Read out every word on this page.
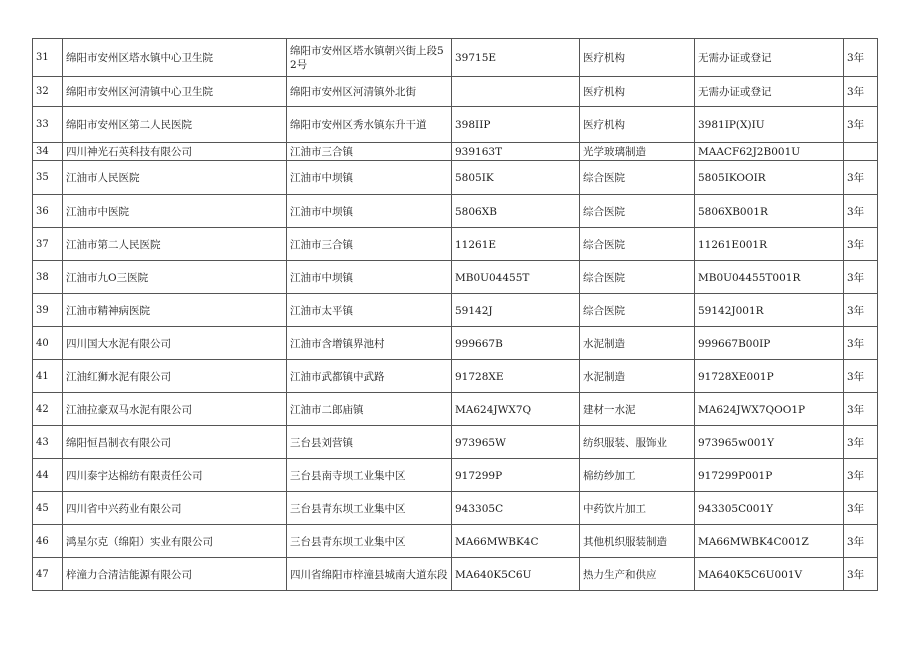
31	绵阳市安州区塔水镇中心卫生院	绵阳市安州区塔水镇朝兴街上段52号	39715E	医疗机构	无需办证或登记	3年
32	绵阳市安州区河清镇中心卫生院	绵阳市安州区河清镇外北街		医疗机构	无需办证或登记	3年
33	绵阳市安州区第二人民医院	绵阳市安州区秀水镇东升干道	398IIP	医疗机构	3981IP(X)IU	3年
34	四川神光石英科技有限公司	江油市三合镇	939163T	光学玻璃制造	MAACF62J2B001U	
35	江油市人民医院	江油市中坝镇	5805IK	综合医院	5805IKOOIR	3年
36	江油市中医院	江油市中坝镇	5806XB	综合医院	5806XB001R	3年
37	江油市第二人民医院	江油市三合镇	11261E	综合医院	11261E001R	3年
38	江油市九O三医院	江油市中坝镇	MB0U04455T	综合医院	MB0U04455T001R	3年
39	江油市精神病医院	江油市太平镇	59142J	综合医院	59142J001R	3年
40	四川国大水泥有限公司	江油市含增镇界池村	999667B	水泥制造	999667B00IP	3年
41	江油红狮水泥有限公司	江油市武都镇中武路	91728XE	水泥制造	91728XE001P	3年
42	江油拉豪双马水泥有限公司	江油市二郎庙镇	MA624JWX7Q	建材一水泥	MA624JWX7QOO1P	3年
43	绵阳恒昌制衣有限公司	三台县刘营镇	973965W	纺织服装、服饰业	973965w001Y	3年
44	四川泰宇达棉纺有限责任公司	三台县南寺坝工业集中区	917299P	棉纺纱加工	917299P001P	3年
45	四川省中兴药业有限公司	三台县青东坝工业集中区	943305C	中药饮片加工	943305C001Y	3年
46	鸿星尔克（绵阳）实业有限公司	三台县青东坝工业集中区	MA66MWBK4C	其他机织服装制造	MA66MWBK4C001Z	3年
47	梓潼力合清洁能源有限公司	四川省绵阳市梓潼县城南大道东段	MA640K5C6U	热力生产和供应	MA640K5C6U001V	3年
